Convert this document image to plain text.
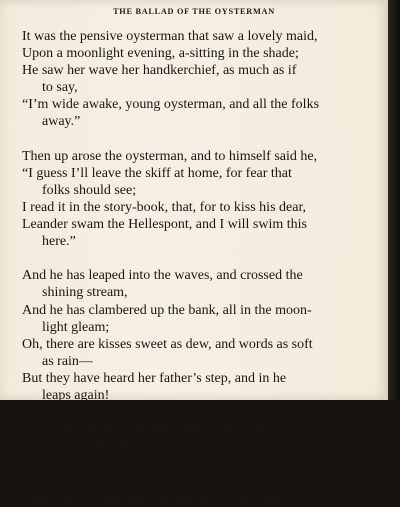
THE BALLAD OF THE OYSTERMAN
It was the pensive oysterman that saw a lovely maid,
Upon a moonlight evening, a-sitting in the shade;
He saw her wave her handkerchief, as much as if
to say,
“I’m wide awake, young oysterman, and all the folks
away.”
Then up arose the oysterman, and to himself said he,
“I guess I’ll leave the skiff at home, for fear that
folks should see;
I read it in the story-book, that, for to kiss his dear,
Leander swam the Hellespont, and I will swim this
here.”
And he has leaped into the waves, and crossed the
shining stream,
And he has clambered up the bank, all in the moon-
light gleam;
Oh, there are kisses sweet as dew, and words as soft
as rain—
But they have heard her father’s step, and in he
leaps again!
Out spoke the ancient fisherman: “Oh, what was
that, my daughter?”
“’Twas nothing but a pebble, sir, I threw into the
water.”
“And what is that, pray tell me, love, that paddles
